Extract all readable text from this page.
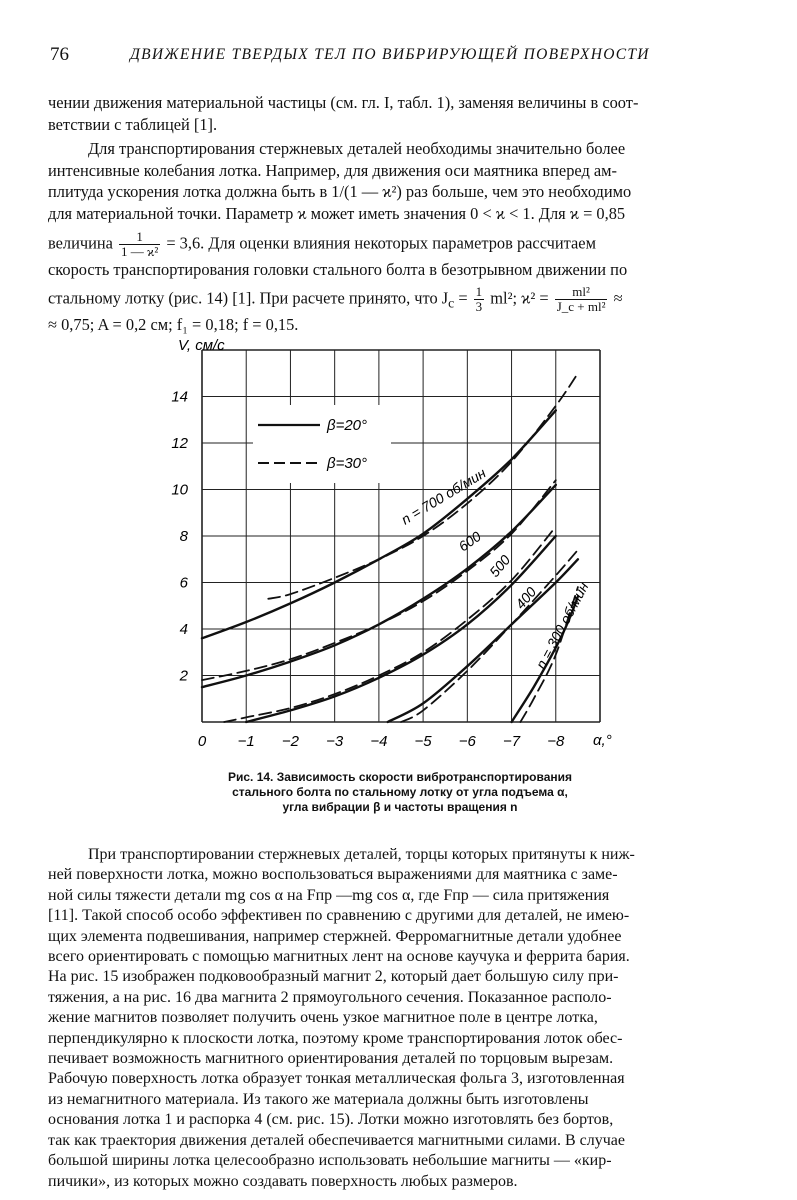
76	ДВИЖЕНИЕ ТВЕРДЫХ ТЕЛ ПО ВИБРИРУЮЩЕЙ ПОВЕРХНОСТИ
чении движения материальной частицы (см. гл. I, табл. 1), заменяя величины в соот-
ветствии с таблицей [1].
Для транспортирования стержневых деталей необходимы значительно более
интенсивные колебания лотка. Например, для движения оси маятника вперед ам-
плитуда ускорения лотка должна быть в 1/(1 — ϰ²) раз больше, чем это необходимо
для материальной точки. Параметр ϰ может иметь значения 0 < ϰ < 1. Для ϰ = 0,85
величина $\frac{1}{\text{1 — ϰ²}} = 3,6$. Для оценки влияния некоторых параметров рассчитаем
скорость транспортирования головки стального болта в безотрывном движении по
стальному лотку (рис. 14) [1]. При расчете принято, что $J_c = \frac{1}{3} ml^2$; $ϰ^2 = \frac{\text{ml²}}{\text{J\_c + ml²}}$ ≈
≈ 0,75; A = 0,2 см; f₁ = 0,18; f = 0,15.
0 −1 −2 −3 −4 −5 −6 −7 −8
2
4
6
8
10
12
14
V, см/с
α,°
β=20°
β=30°
n = 700 об/мин
600
500
400
n = 300 об/мин
Рис. 14. Зависимость скорости вибротранспортирования
стального болта по стальному лотку от угла подъема α,
угла вибрации β и частоты вращения n
При транспортировании стержневых деталей, торцы которых притянуты к ниж-
ней поверхности лотка, можно воспользоваться выражениями для маятника с заме-
ной силы тяжести детали mg cos α на Fпр —mg cos α, где Fпр — сила притяжения
[11]. Такой способ особо эффективен по сравнению с другими для деталей, не имею-
щих элемента подвешивания, например стержней. Ферромагнитные детали удобнее
всего ориентировать с помощью магнитных лент на основе каучука и феррита бария.
На рис. 15 изображен подковообразный магнит 2, который дает большую силу при-
тяжения, а на рис. 16 два магнита 2 прямоугольного сечения. Показанное располо-
жение магнитов позволяет получить очень узкое магнитное поле в центре лотка,
перпендикулярно к плоскости лотка, поэтому кроме транспортирования лоток обес-
печивает возможность магнитного ориентирования деталей по торцовым вырезам.
Рабочую поверхность лотка образует тонкая металлическая фольга 3, изготовленная
из немагнитного материала. Из такого же материала должны быть изготовлены
основания лотка 1 и распорка 4 (см. рис. 15). Лотки можно изготовлять без бортов,
так как траектория движения деталей обеспечивается магнитными силами. В случае
большой ширины лотка целесообразно использовать небольшие магниты — «кир-
пичики», из которых можно создавать поверхность любых размеров.
